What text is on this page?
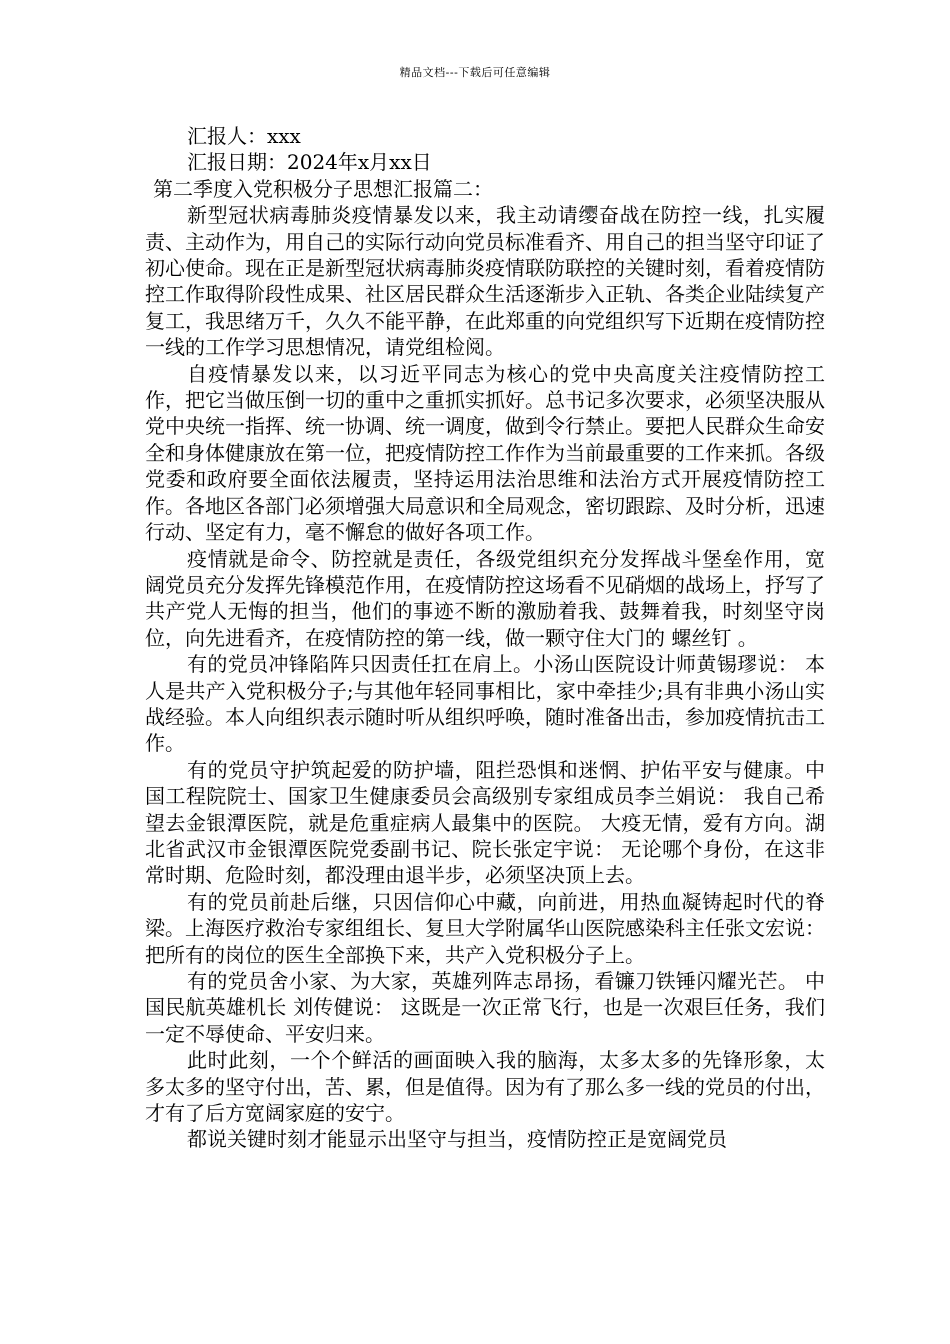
精品文档---下载后可任意编辑

汇报人：xxx

汇报日期：2024年x月xx日

第二季度入党积极分子思想汇报篇二：

新型冠状病毒肺炎疫情暴发以来，我主动请缨奋战在防控一线，扎实履责、主动作为，用自己的实际行动向党员标准看齐、用自己的担当坚守印证了初心使命。现在正是新型冠状病毒肺炎疫情联防联控的关键时刻，看着疫情防控工作取得阶段性成果、社区居民群众生活逐渐步入正轨、各类企业陆续复产复工，我思绪万千，久久不能平静，在此郑重的向党组织写下近期在疫情防控一线的工作学习思想情况，请党组检阅。

自疫情暴发以来，以习近平同志为核心的党中央高度关注疫情防控工作，把它当做压倒一切的重中之重抓实抓好。总书记多次要求，必须坚决服从党中央统一指挥、统一协调、统一调度，做到令行禁止。要把人民群众生命安全和身体健康放在第一位，把疫情防控工作作为当前最重要的工作来抓。各级党委和政府要全面依法履责，坚持运用法治思维和法治方式开展疫情防控工作。各地区各部门必须增强大局意识和全局观念，密切跟踪、及时分析，迅速行动、坚定有力，毫不懈怠的做好各项工作。

疫情就是命令、防控就是责任，各级党组织充分发挥战斗堡垒作用，宽阔党员充分发挥先锋模范作用，在疫情防控这场看不见硝烟的战场上，抒写了共产党人无悔的担当，他们的事迹不断的激励着我、鼓舞着我，时刻坚守岗位，向先进看齐，在疫情防控的第一线，做一颗守住大门的 螺丝钉 。

有的党员冲锋陷阵只因责任扛在肩上。小汤山医院设计师黄锡璆说： 本人是共产入党积极分子;与其他年轻同事相比，家中牵挂少;具有非典小汤山实战经验。本人向组织表示随时听从组织呼唤，随时准备出击，参加疫情抗击工作。

有的党员守护筑起爱的防护墙，阻拦恐惧和迷惘、护佑平安与健康。中国工程院院士、国家卫生健康委员会高级别专家组成员李兰娟说： 我自己希望去金银潭医院，就是危重症病人最集中的医院。 大疫无情，爱有方向。湖北省武汉市金银潭医院党委副书记、院长张定宇说： 无论哪个身份，在这非常时期、危险时刻，都没理由退半步，必须坚决顶上去。

有的党员前赴后继，只因信仰心中藏，向前进，用热血凝铸起时代的脊梁。上海医疗救治专家组组长、复旦大学附属华山医院感染科主任张文宏说： 把所有的岗位的医生全部换下来，共产入党积极分子上。

有的党员舍小家、为大家，英雄列阵志昂扬，看镰刀铁锤闪耀光芒。 中国民航英雄机长 刘传健说： 这既是一次正常飞行，也是一次艰巨任务，我们一定不辱使命、平安归来。

此时此刻，一个个鲜活的画面映入我的脑海，太多太多的先锋形象，太多太多的坚守付出，苦、累，但是值得。因为有了那么多一线的党员的付出，才有了后方宽阔家庭的安宁。

都说关键时刻才能显示出坚守与担当，疫情防控正是宽阔党员
